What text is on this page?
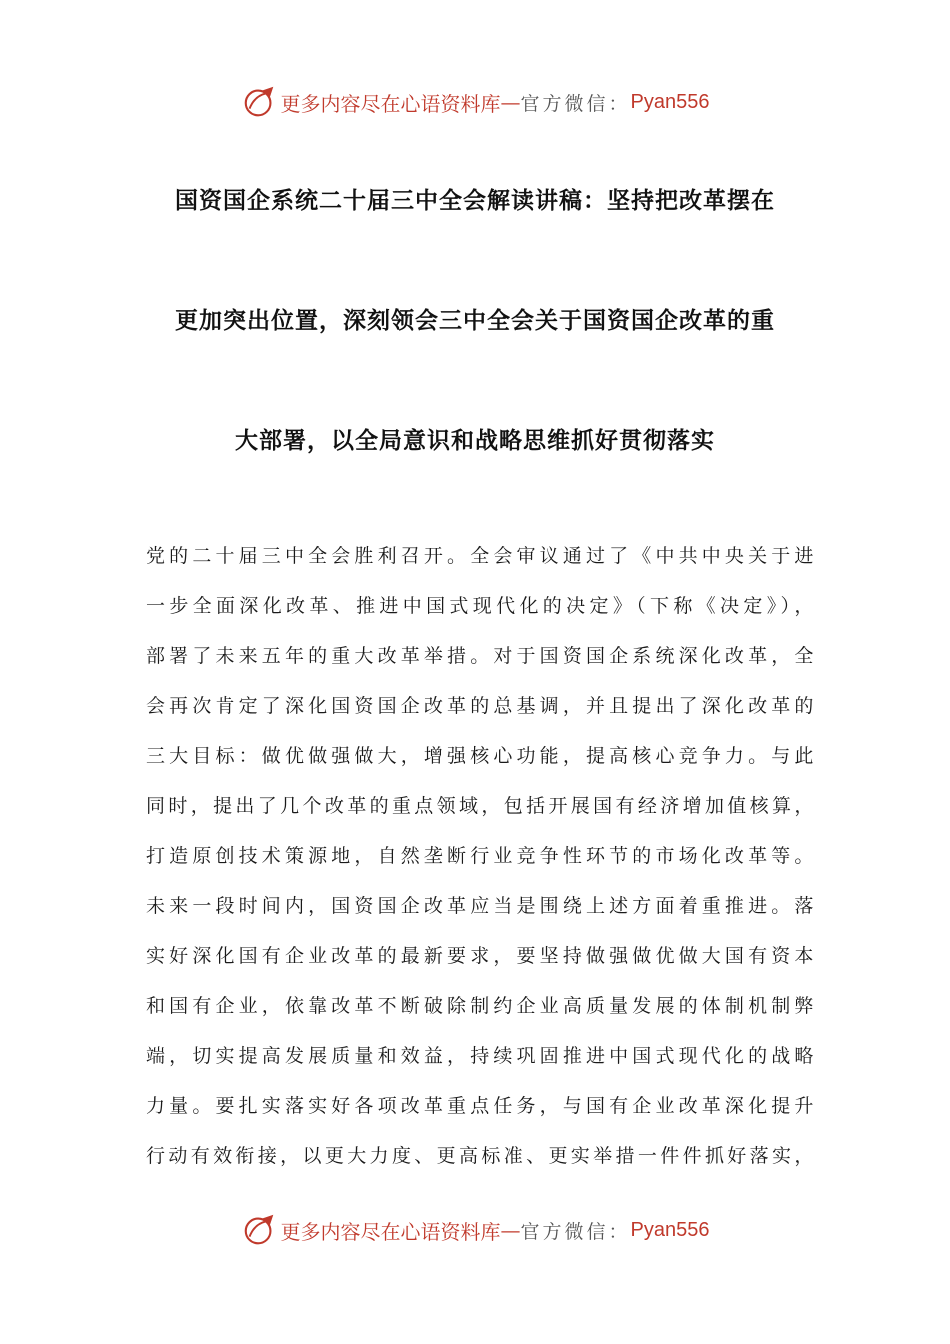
更多内容尽在心语资料库 — 官方微信： Pyan556
国资国企系统二十届三中全会解读讲稿：坚持把改革摆在
更加突出位置，深刻领会三中全会关于国资国企改革的重
大部署，以全局意识和战略思维抓好贯彻落实
党的二十届三中全会胜利召开。全会审议通过了《中共中央关于进
一步全面深化改革、推进中国式现代化的决定》（下称《决定》），
部署了未来五年的重大改革举措。对于国资国企系统深化改革，全
会再次肯定了深化国资国企改革的总基调，并且提出了深化改革的
三大目标：做优做强做大，增强核心功能，提高核心竞争力。与此
同时，提出了几个改革的重点领域，包括开展国有经济增加值核算，
打造原创技术策源地，自然垄断行业竞争性环节的市场化改革等。
未来一段时间内，国资国企改革应当是围绕上述方面着重推进。落
实好深化国有企业改革的最新要求，要坚持做强做优做大国有资本
和国有企业，依靠改革不断破除制约企业高质量发展的体制机制弊
端，切实提高发展质量和效益，持续巩固推进中国式现代化的战略
力量。要扎实落实好各项改革重点任务，与国有企业改革深化提升
行动有效衔接，以更大力度、更高标准、更实举措一件件抓好落实，
更多内容尽在心语资料库 — 官方微信： Pyan556
